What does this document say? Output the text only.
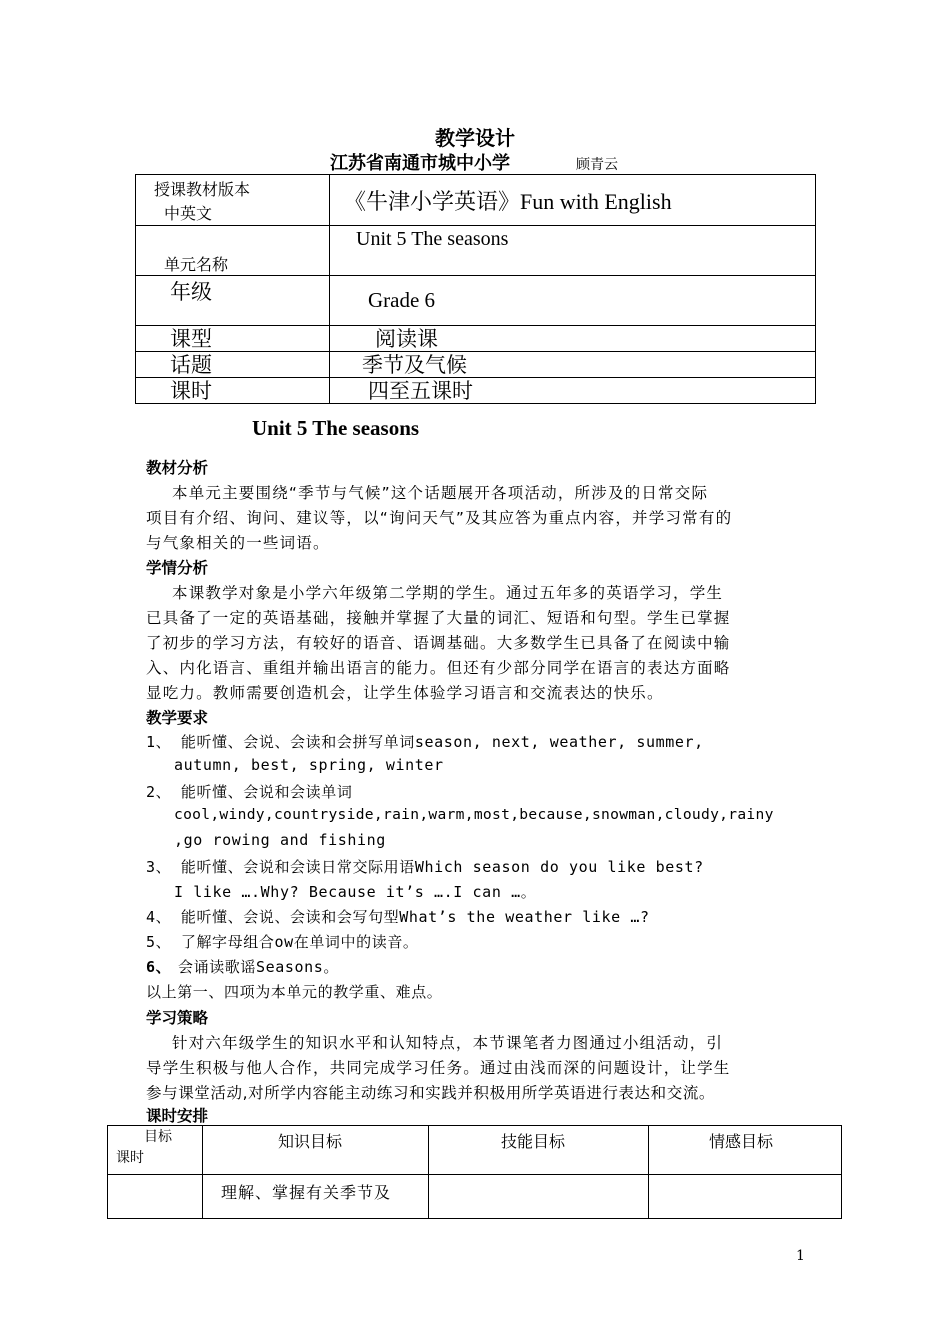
教学设计
江苏省南通市城中小学	顾青云
授课教材版本
中英文	《牛津小学英语》Fun with English

单元名称	Unit 5 The seasons

年级	Grade 6

课型	阅读课

话题	季节及气候

课时	四至五课时
Unit 5 The seasons
教材分析
本单元主要围绕“季节与气候”这个话题展开各项活动，所涉及的日常交际
项目有介绍、询问、建议等，以“询问天气”及其应答为重点内容，并学习常有的
与气象相关的一些词语。
学情分析
本课教学对象是小学六年级第二学期的学生。通过五年多的英语学习，学生
已具备了一定的英语基础，接触并掌握了大量的词汇、短语和句型。学生已掌握
了初步的学习方法，有较好的语音、语调基础。大多数学生已具备了在阅读中输
入、内化语言、重组并输出语言的能力。但还有少部分同学在语言的表达方面略
显吃力。教师需要创造机会，让学生体验学习语言和交流表达的快乐。
教学要求
1、 能听懂、会说、会读和会拼写单词season, next, weather, summer,
autumn, best, spring, winter
2、 能听懂、会说和会读单词
cool,windy,countryside,rain,warm,most,because,snowman,cloudy,rainy
,go rowing and fishing
3、 能听懂、会说和会读日常交际用语Which season do you like best?
I like ….Why? Because it’s ….I can …。
4、 能听懂、会说、会读和会写句型What’s the weather like …?
5、 了解字母组合ow在单词中的读音。
6、 会诵读歌谣Seasons。
以上第一、四项为本单元的教学重、难点。
学习策略
针对六年级学生的知识水平和认知特点，本节课笔者力图通过小组活动，引
导学生积极与他人合作，共同完成学习任务。通过由浅而深的问题设计，让学生
参与课堂活动,对所学内容能主动练习和实践并积极用所学英语进行表达和交流。
课时安排
目标
课时	知识目标	技能目标	情感目标

	理解、掌握有关季节及		

1
